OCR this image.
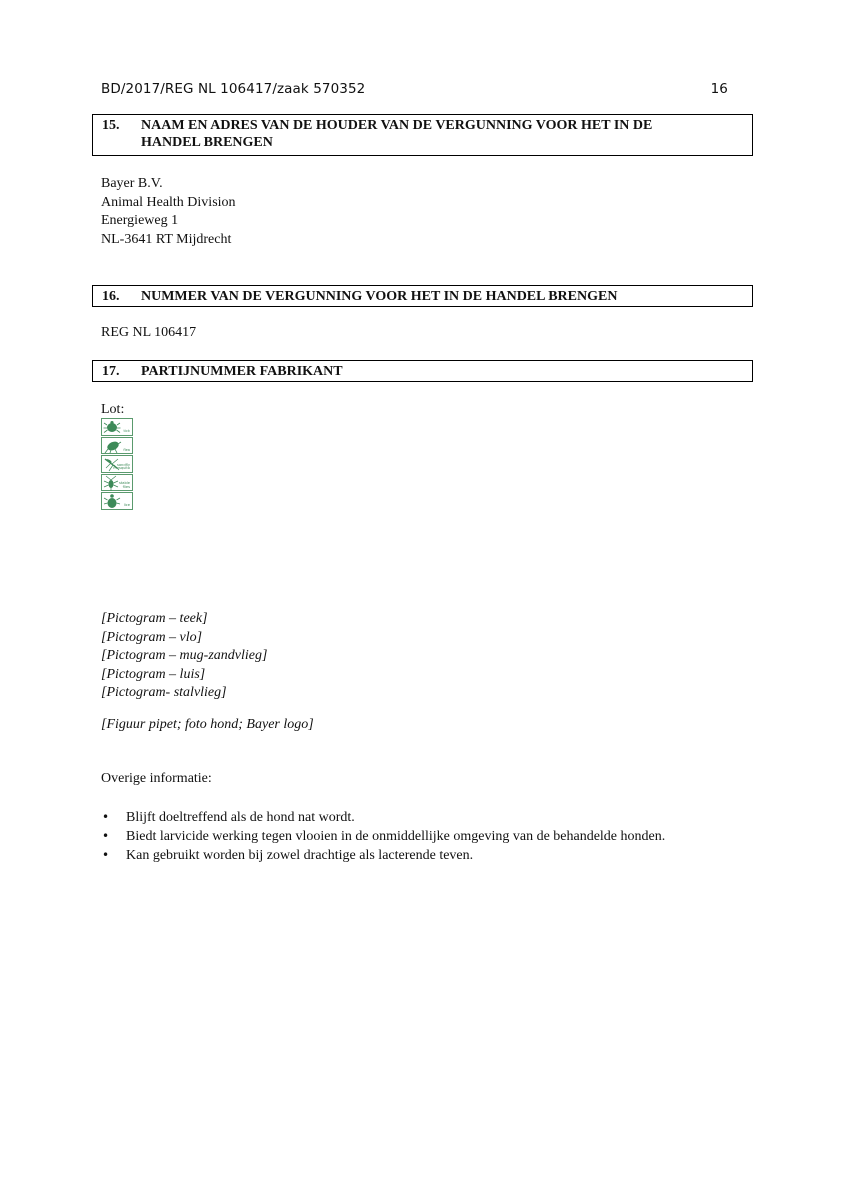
BD/2017/REG NL 106417/zaak 570352	16
15. NAAM EN ADRES VAN DE HOUDER VAN DE VERGUNNING VOOR HET IN DE
HANDEL BRENGEN
Bayer B.V.
Animal Health Division
Energieweg 1
NL-3641 RT Mijdrecht
16. NUMMER VAN DE VERGUNNING VOOR HET IN DE HANDEL BRENGEN
REG NL 106417
17. PARTIJNUMMER FABRIKANT
Lot:
tick
flea
sandfly
mosquito
stable
flies
lice
[Pictogram – teek]
[Pictogram – vlo]
[Pictogram – mug-zandvlieg]
[Pictogram – luis]
[Pictogram- stalvlieg]
[Figuur pipet; foto hond; Bayer logo]
Overige informatie:
• Blijft doeltreffend als de hond nat wordt.
• Biedt larvicide werking tegen vlooien in de onmiddellijke omgeving van de behandelde honden.
• Kan gebruikt worden bij zowel drachtige als lacterende teven.
